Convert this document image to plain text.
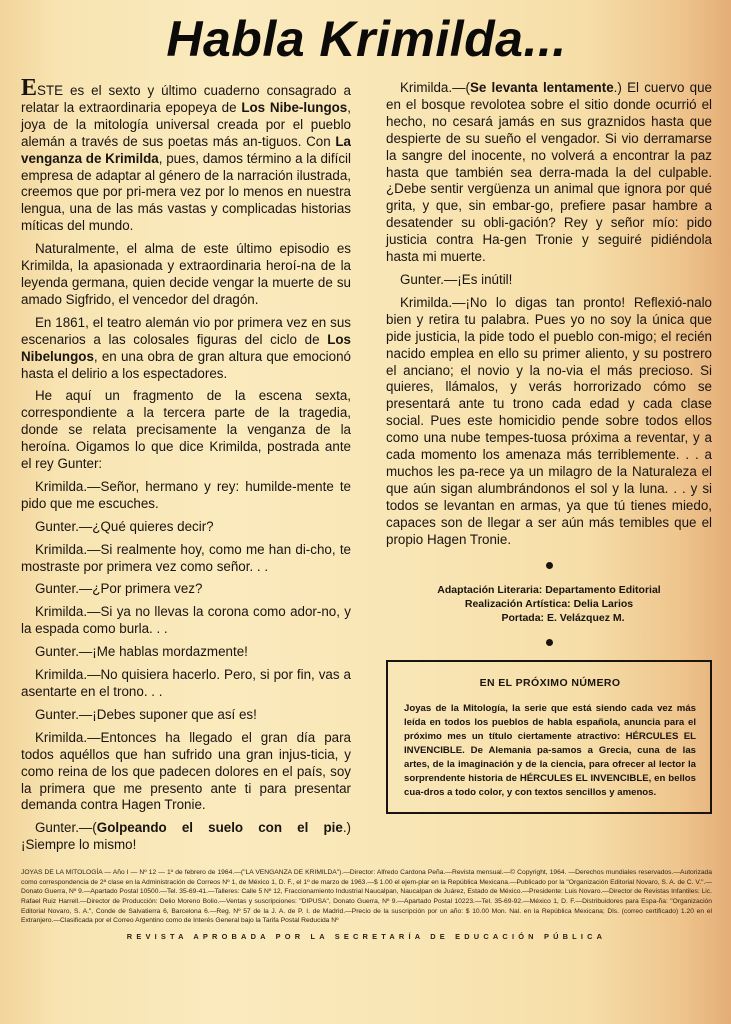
Habla Krimilda...

ESTE es el sexto y último cuaderno consagrado a relatar la extraordinaria epopeya de Los Nibe-lungos, joya de la mitología universal creada por el pueblo alemán a través de sus poetas más an-tiguos. Con La venganza de Krimilda, pues, damos término a la difícil empresa de adaptar al género de la narración ilustrada, creemos que por pri-mera vez por lo menos en nuestra lengua, una de las más vastas y complicadas historias míticas del mundo.

Naturalmente, el alma de este último episodio es Krimilda, la apasionada y extraordinaria heroí-na de la leyenda germana, quien decide vengar la muerte de su amado Sigfrido, el vencedor del dragón.

En 1861, el teatro alemán vio por primera vez en sus escenarios a las colosales figuras del ciclo de Los Nibelungos, en una obra de gran altura que emocionó hasta el delirio a los espectadores.

He aquí un fragmento de la escena sexta, correspondiente a la tercera parte de la tragedia, donde se relata precisamente la venganza de la heroína. Oigamos lo que dice Krimilda, postrada ante el rey Gunter:

Krimilda.—Señor, hermano y rey: humilde-mente te pido que me escuches.

Gunter.—¿Qué quieres decir?

Krimilda.—Si realmente hoy, como me han di-cho, te mostraste por primera vez como señor. . .

Gunter.—¿Por primera vez?

Krimilda.—Si ya no llevas la corona como ador-no, y la espada como burla. . .

Gunter.—¡Me hablas mordazmente!

Krimilda.—No quisiera hacerlo. Pero, si por fin, vas a asentarte en el trono. . .

Gunter.—¡Debes suponer que así es!

Krimilda.—Entonces ha llegado el gran día para todos aquéllos que han sufrido una gran injus-ticia, y como reina de los que padecen dolores en el país, soy la primera que me presento ante ti para presentar demanda contra Hagen Tronie.

Gunter.—(Golpeando el suelo con el pie.) ¡Siempre lo mismo!

Krimilda.—(Se levanta lentamente.) El cuervo que en el bosque revolotea sobre el sitio donde ocurrió el hecho, no cesará jamás en sus graznidos hasta que despierte de su sueño el vengador. Si vio derramarse la sangre del inocente, no volverá a encontrar la paz hasta que también sea derra-mada la del culpable. ¿Debe sentir vergüenza un animal que ignora por qué grita, y que, sin embar-go, prefiere pasar hambre a desatender su obli-gación? Rey y señor mío: pido justicia contra Ha-gen Tronie y seguiré pidiéndola hasta mi muerte.

Gunter.—¡Es inútil!

Krimilda.—¡No lo digas tan pronto! Reflexió-nalo bien y retira tu palabra. Pues yo no soy la única que pide justicia, la pide todo el pueblo con-migo; el recién nacido emplea en ello su primer aliento, y su postrero el anciano; el novio y la no-via el más precioso. Si quieres, llámalos, y verás horrorizado cómo se presentará ante tu trono cada edad y cada clase social. Pues este homicidio pende sobre todos ellos como una nube tempes-tuosa próxima a reventar, y a cada momento los amenaza más terriblemente. . . a muchos les pa-rece ya un milagro de la Naturaleza el que aún sigan alumbrándonos el sol y la luna. . . y si todos se levantan en armas, ya que tú tienes miedo, capaces son de llegar a ser aún más temibles que el propio Hagen Tronie.

Adaptación Literaria: Departamento Editorial
Realización Artística: Delia Larios
Portada: E. Velázquez M.
EN EL PRÓXIMO NÚMERO
Joyas de la Mitología, la serie que está siendo cada vez más leída en todos los pueblos de habla española, anuncia para el próximo mes un título ciertamente atractivo: HÉRCULES EL INVENCIBLE. De Alemania pa-samos a Grecia, cuna de las artes, de la imaginación y de la ciencia, para ofrecer al lector la sorprendente historia de HÉRCULES EL INVENCIBLE, en bellos cua-dros a todo color, y con textos sencillos y amenos.
JOYAS DE LA MITOLOGÍA — Año I — Nº 12 — 1º de febrero de 1964.—("LA VENGANZA DE KRIMILDA").—Director: Alfredo Cardona Peña.—Revista mensual.—© Copyright, 1964. —Derechos mundiales reservados.—Autorizada como correspondencia de 2ª clase en la Administración de Correos Nº 1, de México 1, D. F., el 1º de marzo de 1963.—$ 1.00 el ejem-plar en la República Mexicana.—Publicado por la "Organización Editorial Novaro, S. A. de C. V.".—Donato Guerra, Nº 9.—Apartado Postal 10500.—Tel. 35-69-41.—Talleres: Calle 5 Nº 12, Fraccionamiento Industrial Naucalpan, Naucalpan de Juárez, Estado de México.—Presidente: Luis Novaro.—Director de Revistas Infantiles: Lic. Rafael Ruiz Harrell.—Director de Producción: Delio Moreno Bolio.—Ventas y suscripciones: "DIPUSA", Donato Guerra, Nº 9.—Apartado Postal 10223.—Tel. 35-69-92.—México 1, D. F.—Distribuidores para Espa-ña: "Organización Editorial Novaro, S. A.", Conde de Salvatierra 6, Barcelona 6.—Reg. Nº 57 de la J. A. de P. I. de Madrid.—Precio de la suscripción por un año: $ 10.00 Mon. Nal. en la República Mexicana; Dls. (correo certificado) 1.20 en el Extranjero.—Clasificada por el Correo Argentino como de Interés General bajo la Tarifa Postal Reducida Nº
REVISTA APROBADA POR LA SECRETARÍA DE EDUCACIÓN PÚBLICA
